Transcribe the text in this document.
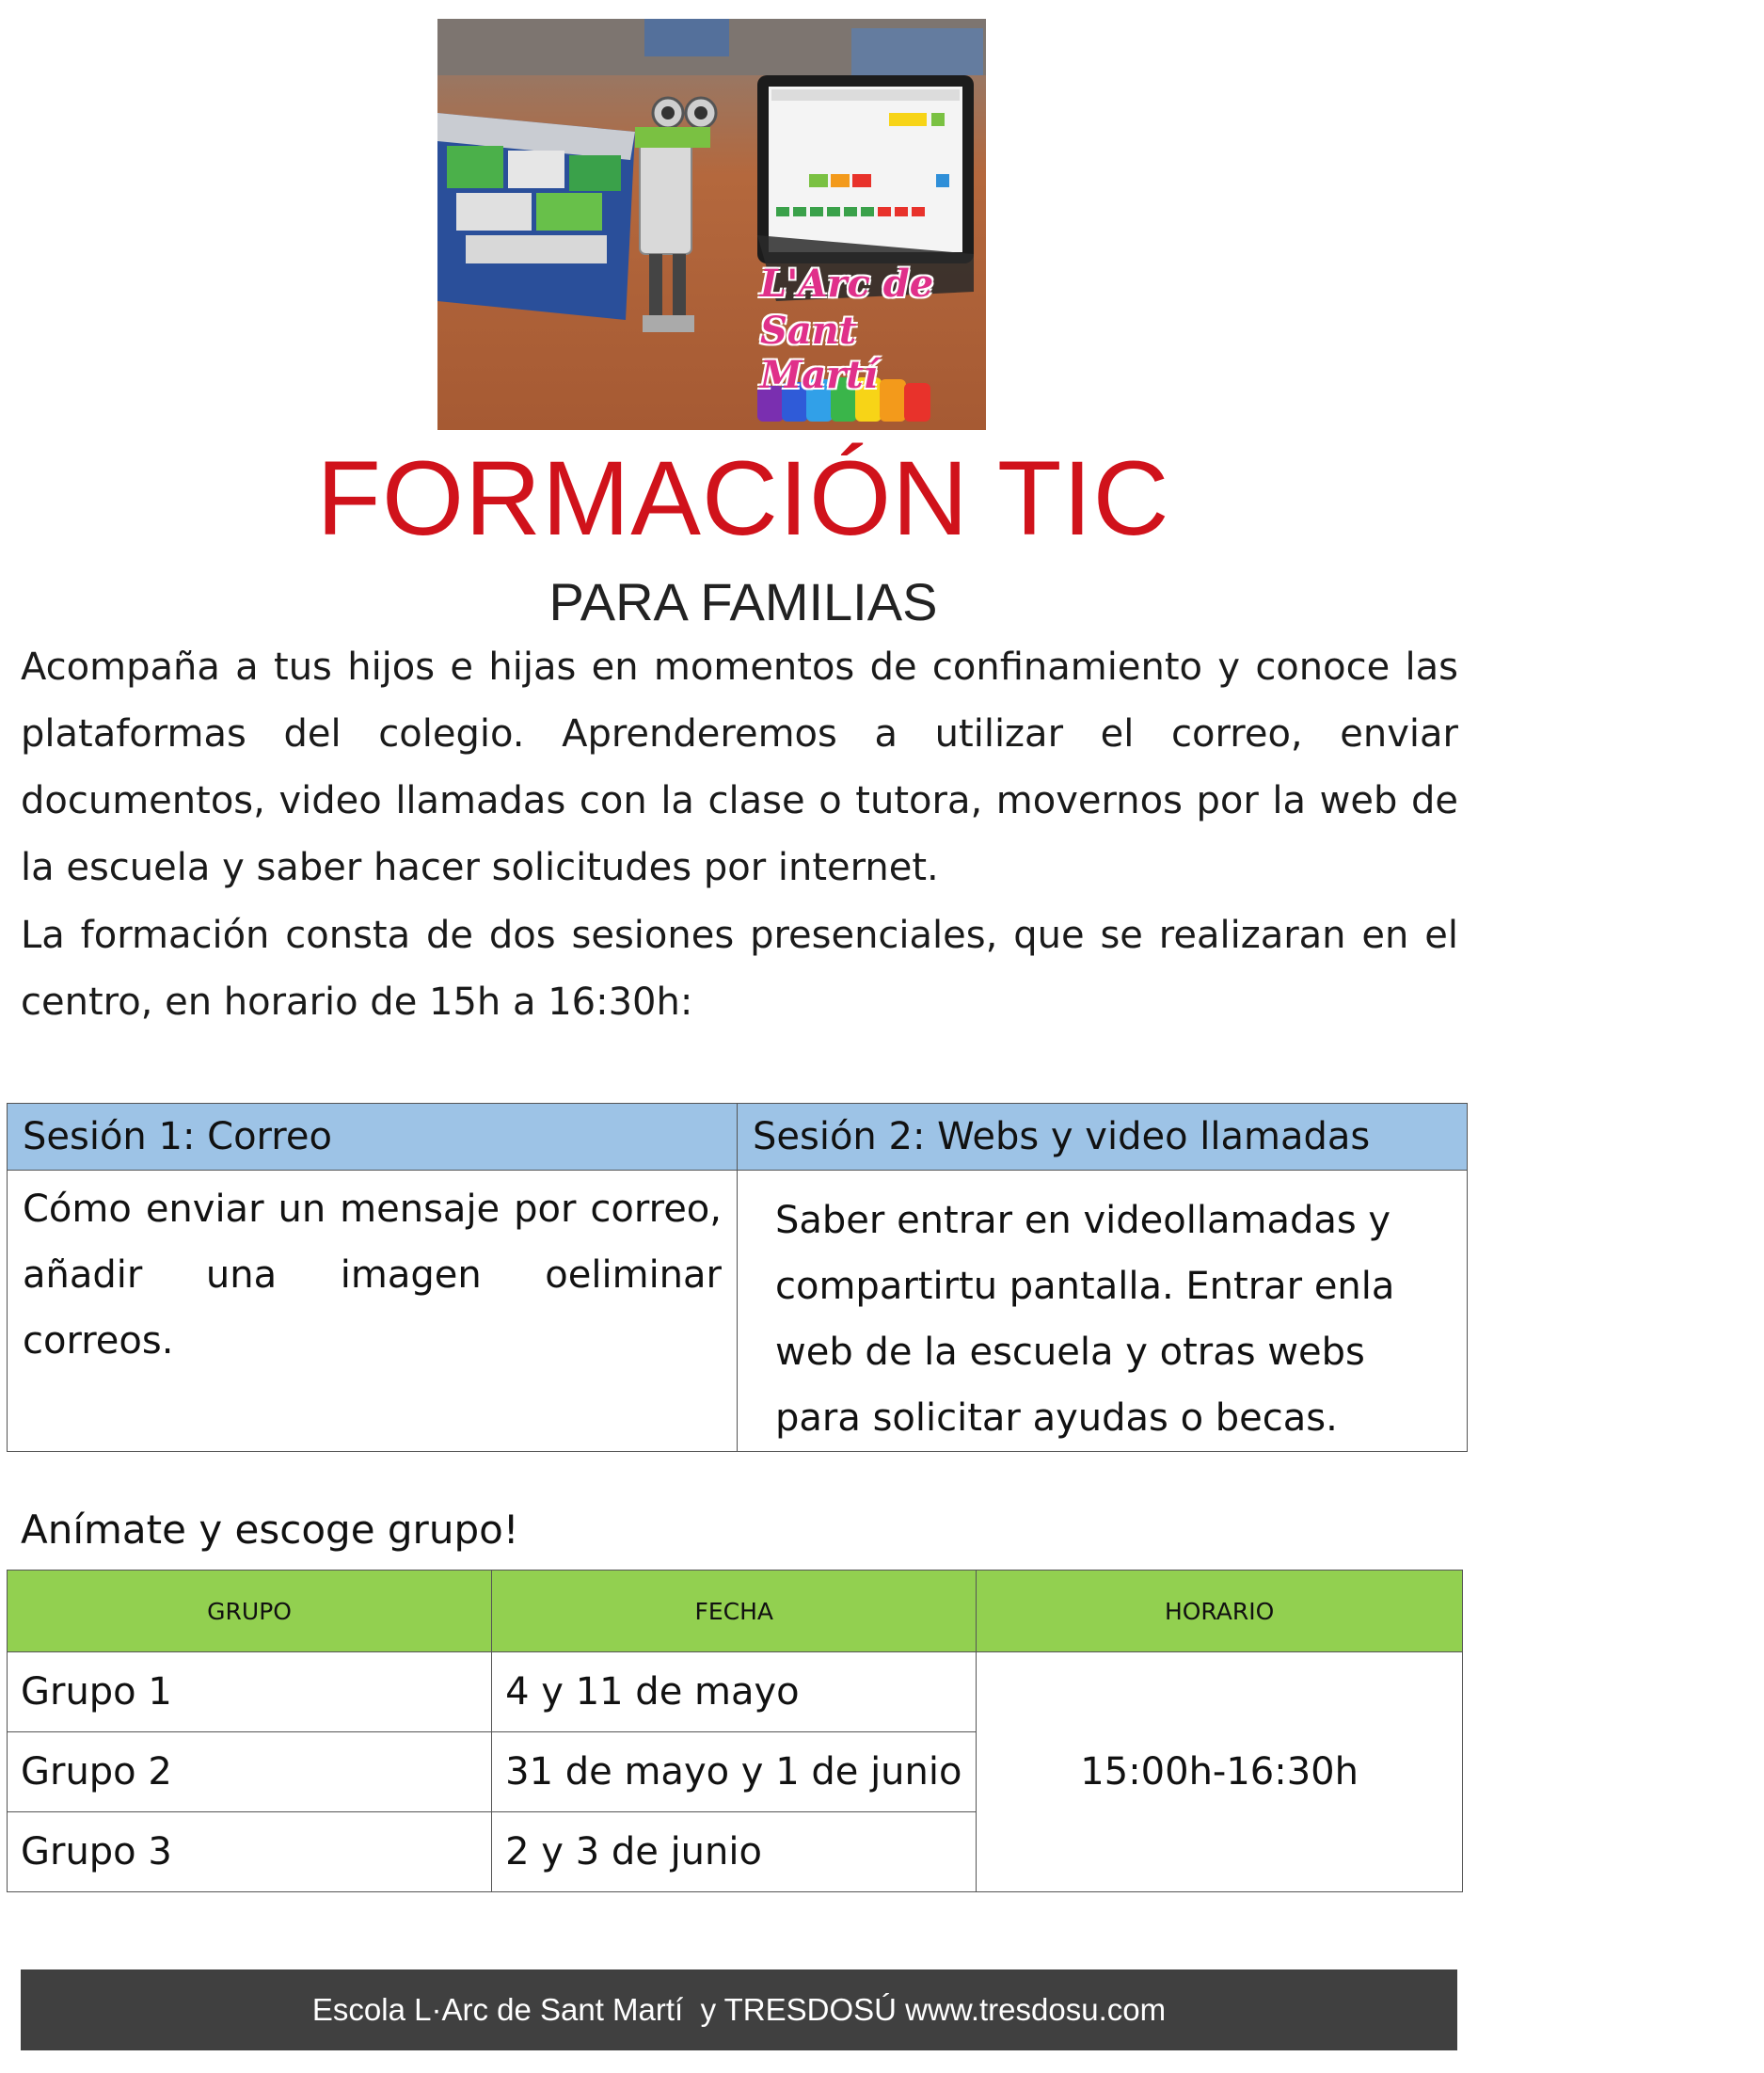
L'Arc de
Sant Martí
FORMACIÓN TIC
PARA FAMILIAS
Acompaña a tus hijos e hijas en momentos de confinamiento y conoce las plataformas del colegio. Aprenderemos a utilizar el correo, enviar documentos, video llamadas con la clase o tutora, movernos por la web de la escuela y saber hacer solicitudes por internet.
La formación consta de dos sesiones presenciales, que se realizaran en el centro, en horario de 15h a 16:30h:
Sesión 1: Correo	Sesión 2: Webs y video llamadas
Cómo enviar un mensaje por correo, añadir una imagen oeliminar correos.	Saber entrar en videollamadas y compartirtu pantalla. Entrar enla web de la escuela y otras webs para solicitar ayudas o becas.
Anímate y escoge grupo!
GRUPO	FECHA	HORARIO
Grupo 1	4 y 11 de mayo	15:00h-16:30h
Grupo 2	31 de mayo y 1 de junio	
Grupo 3	2 y 3 de junio	
Escola L·Arc de Sant Martí  y TRESDOSÚ www.tresdosu.com
